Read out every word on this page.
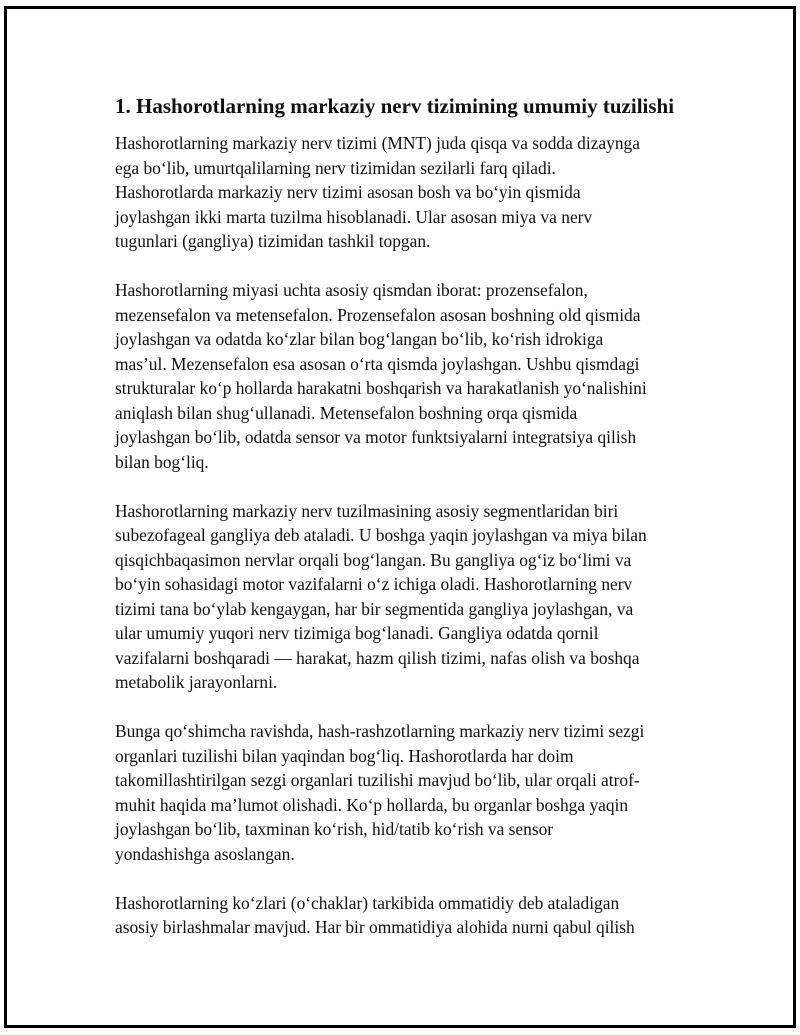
1. Hashorotlarning markaziy nerv tizimining umumiy tuzilishi

Hashorotlarning markaziy nerv tizimi (MNT) juda qisqa va sodda dizaynga
ega bo‘lib, umurtqalilarning nerv tizimidan sezilarli farq qiladi.
Hashorotlarda markaziy nerv tizimi asosan bosh va bo‘yin qismida
joylashgan ikki marta tuzilma hisoblanadi. Ular asosan miya va nerv
tugunlari (gangliya) tizimidan tashkil topgan.

Hashorotlarning miyasi uchta asosiy qismdan iborat: prozensefalon,
mezensefalon va metensefalon. Prozensefalon asosan boshning old qismida
joylashgan va odatda ko‘zlar bilan bog‘langan bo‘lib, ko‘rish idrokiga
mas’ul. Mezensefalon esa asosan o‘rta qismda joylashgan. Ushbu qismdagi
strukturalar ko‘p hollarda harakatni boshqarish va harakatlanish yo‘nalishini
aniqlash bilan shug‘ullanadi. Metensefalon boshning orqa qismida
joylashgan bo‘lib, odatda sensor va motor funktsiyalarni integratsiya qilish
bilan bog‘liq.

Hashorotlarning markaziy nerv tuzilmasining asosiy segmentlaridan biri
subezofageal gangliya deb ataladi. U boshga yaqin joylashgan va miya bilan
qisqichbaqasimon nervlar orqali bog‘langan. Bu gangliya og‘iz bo‘limi va
bo‘yin sohasidagi motor vazifalarni o‘z ichiga oladi. Hashorotlarning nerv
tizimi tana bo‘ylab kengaygan, har bir segmentida gangliya joylashgan, va
ular umumiy yuqori nerv tizimiga bog‘lanadi. Gangliya odatda qornil
vazifalarni boshqaradi — harakat, hazm qilish tizimi, nafas olish va boshqa
metabolik jarayonlarni.

Bunga qo‘shimcha ravishda, hash-rashzotlarning markaziy nerv tizimi sezgi
organlari tuzilishi bilan yaqindan bog‘liq. Hashorotlarda har doim
takomillashtirilgan sezgi organlari tuzilishi mavjud bo‘lib, ular orqali atrof-
muhit haqida ma’lumot olishadi. Ko‘p hollarda, bu organlar boshga yaqin
joylashgan bo‘lib, taxminan ko‘rish, hid/tatib ko‘rish va sensor
yondashishga asoslangan.

Hashorotlarning ko‘zlari (o‘chaklar) tarkibida ommatidiy deb ataladigan
asosiy birlashmalar mavjud. Har bir ommatidiya alohida nurni qabul qilish
